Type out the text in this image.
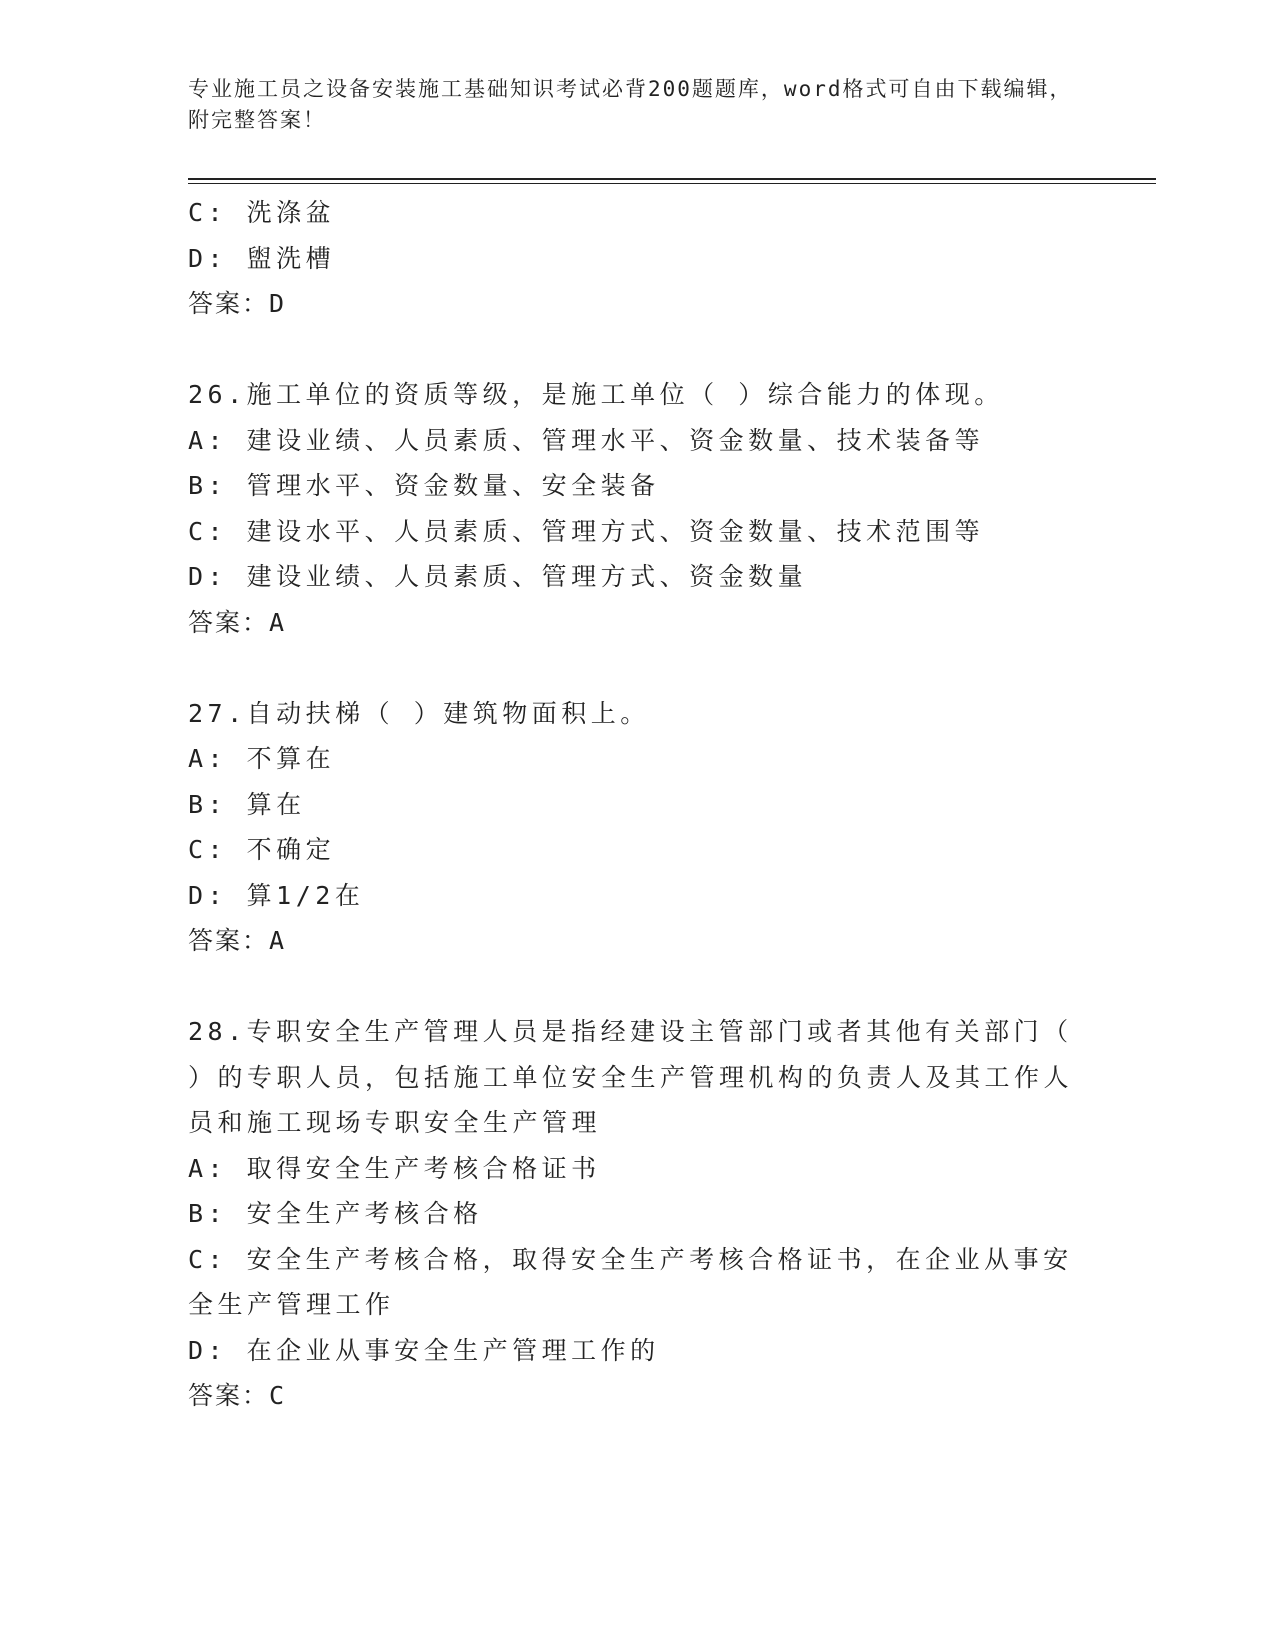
专业施工员之设备安装施工基础知识考试必背200题题库，word格式可自由下载编辑，附完整答案！
C: 洗涤盆
D: 盥洗槽
答案：D
26.施工单位的资质等级，是施工单位（ ）综合能力的体现。
A: 建设业绩、人员素质、管理水平、资金数量、技术装备等
B: 管理水平、资金数量、安全装备
C: 建设水平、人员素质、管理方式、资金数量、技术范围等
D: 建设业绩、人员素质、管理方式、资金数量
答案：A
27.自动扶梯（ ）建筑物面积上。
A: 不算在
B: 算在
C: 不确定
D: 算1/2在
答案：A
28.专职安全生产管理人员是指经建设主管部门或者其他有关部门（ ）的专职人员，包括施工单位安全生产管理机构的负责人及其工作人员和施工现场专职安全生产管理
A: 取得安全生产考核合格证书
B: 安全生产考核合格
C: 安全生产考核合格，取得安全生产考核合格证书，在企业从事安全生产管理工作
D: 在企业从事安全生产管理工作的
答案：C
